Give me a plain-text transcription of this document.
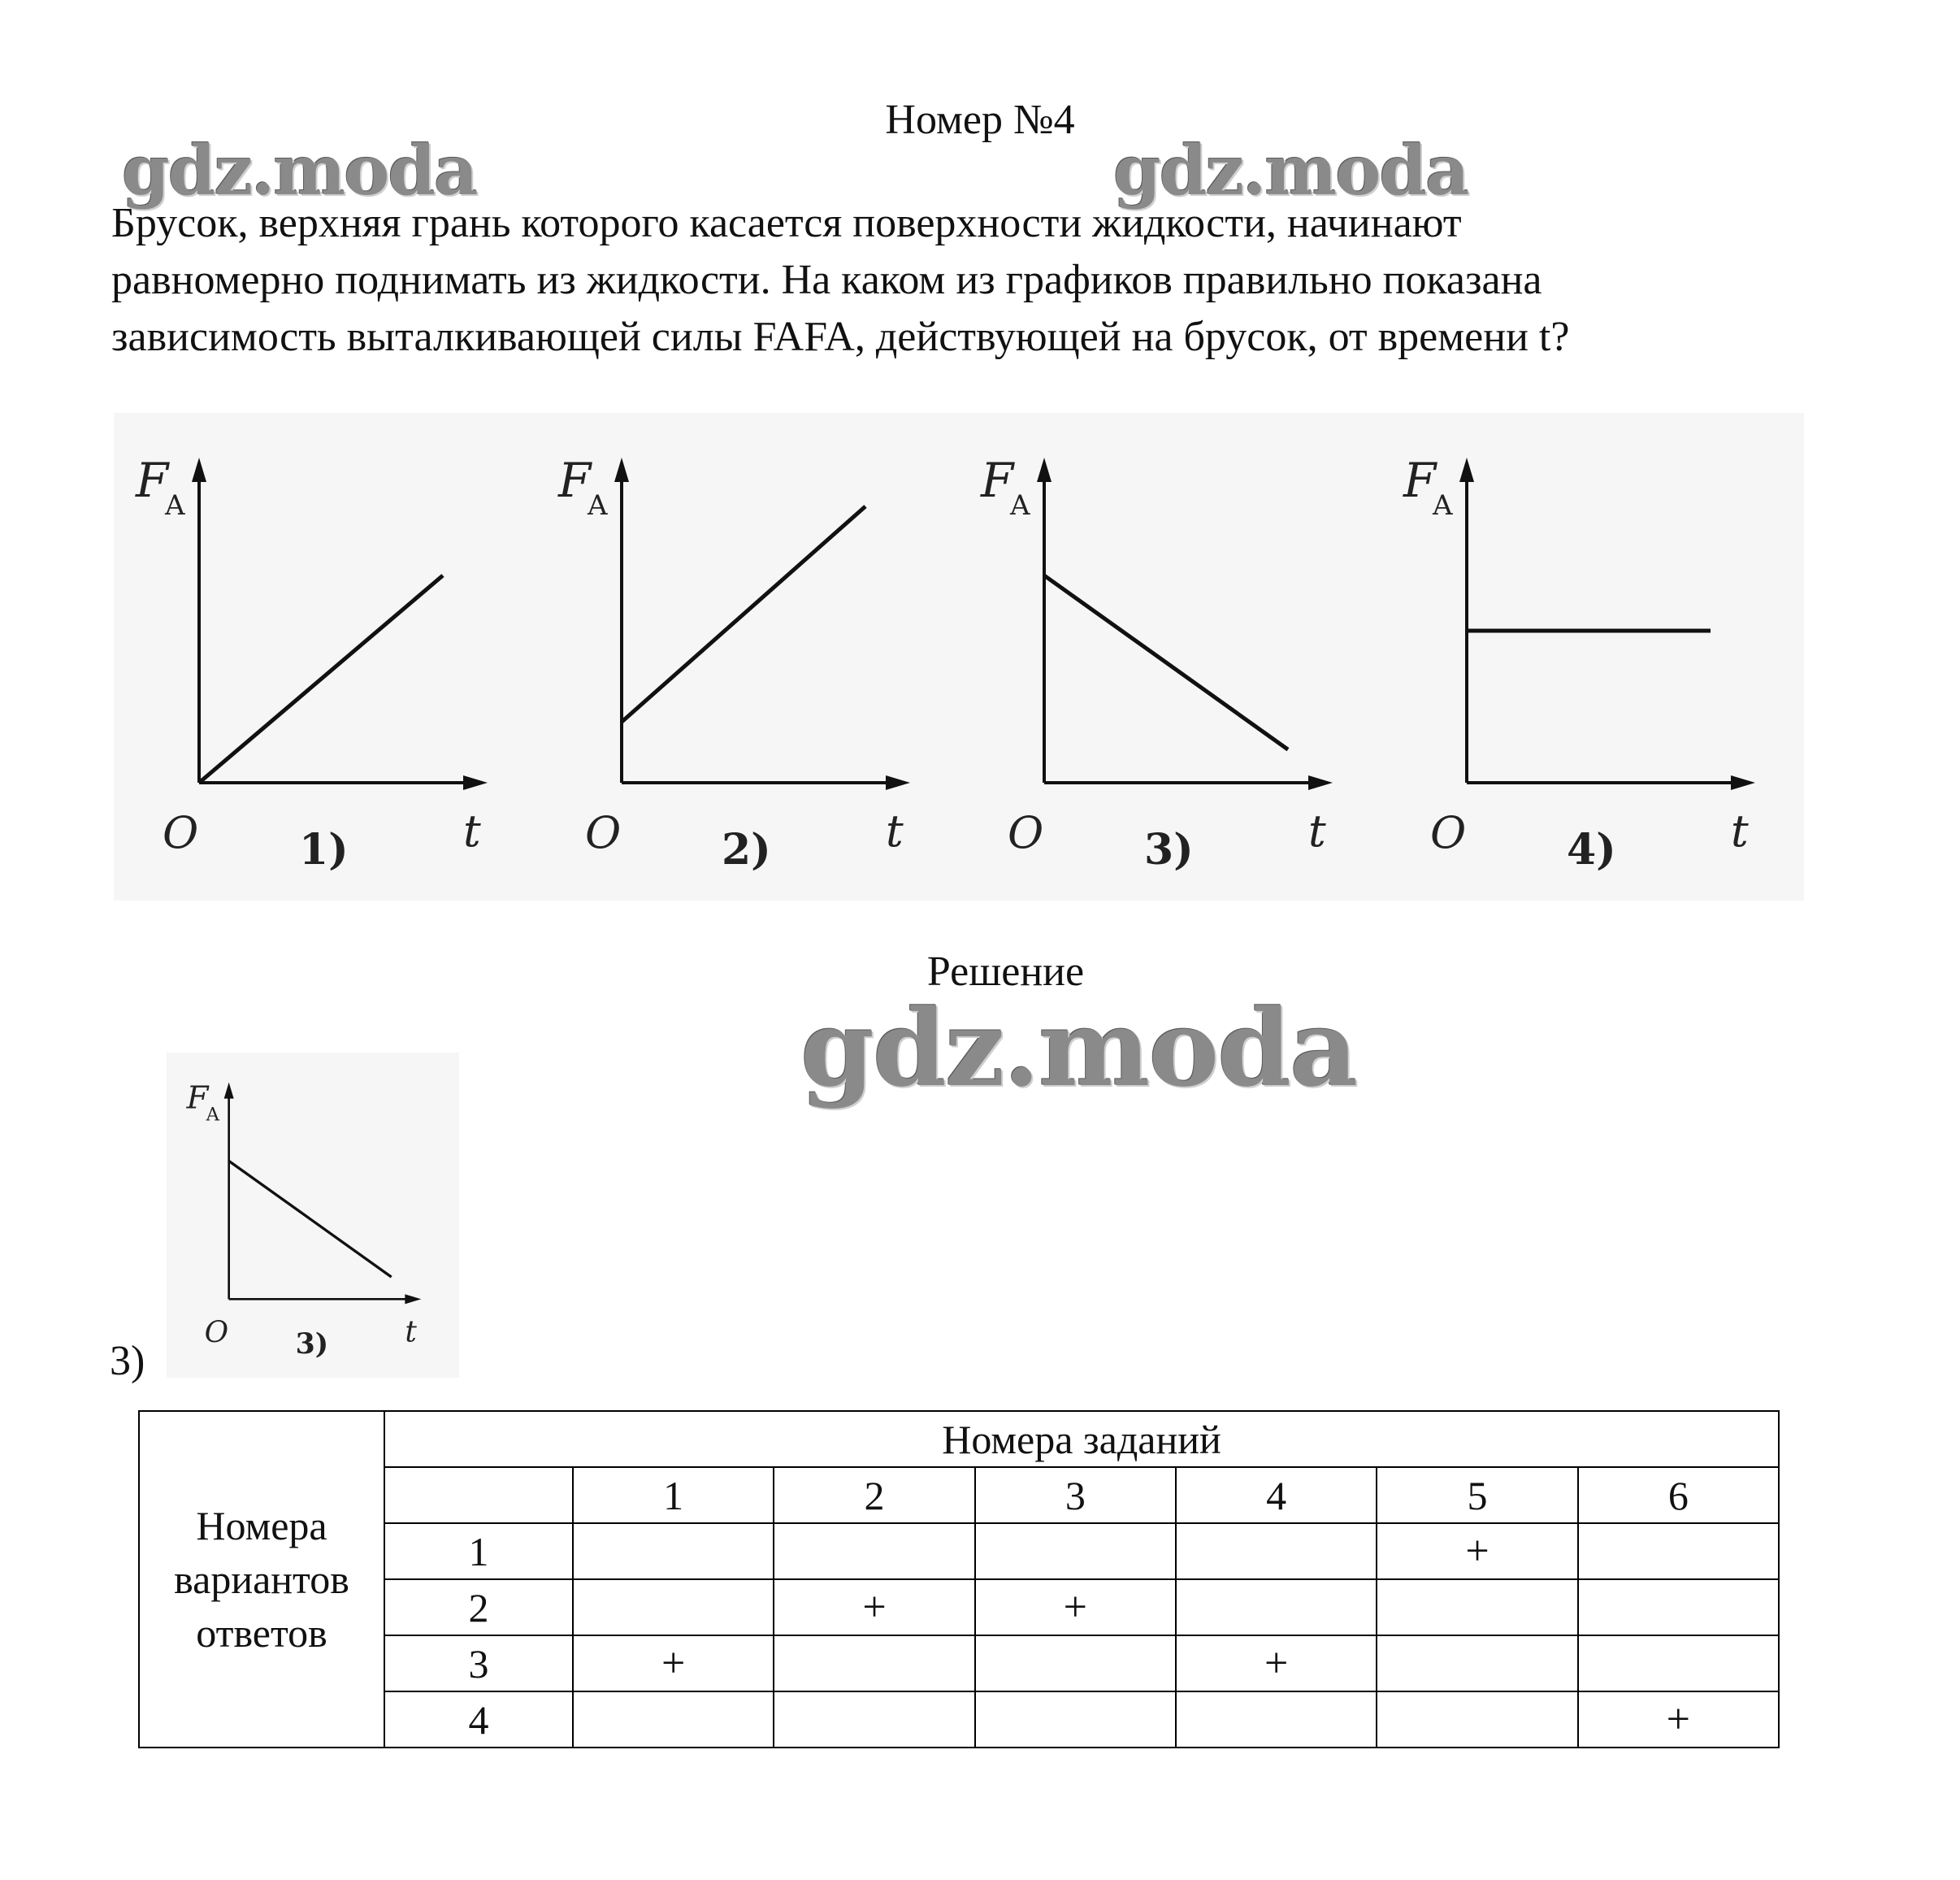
Номер №4
gdz.moda	gdz.moda
Брусок, верхняя грань которого касается поверхности жидкости, начинают
равномерно поднимать из жидкости. На каком из графиков правильно показана
зависимость выталкивающей силы FAFA, действующей на брусок, от времени t?
F
A
O	t
1)
F
A
O	t
2)
F
A
O	t
3)
F
A
O	t
4)
Решение
gdz.moda
F
A
O	t
3)
3)
Номера вариантов ответов	Номера заданий						
		1	2	3	4	5	6
	1					+	
	2		+	+			
	3	+			+		
	4						+
